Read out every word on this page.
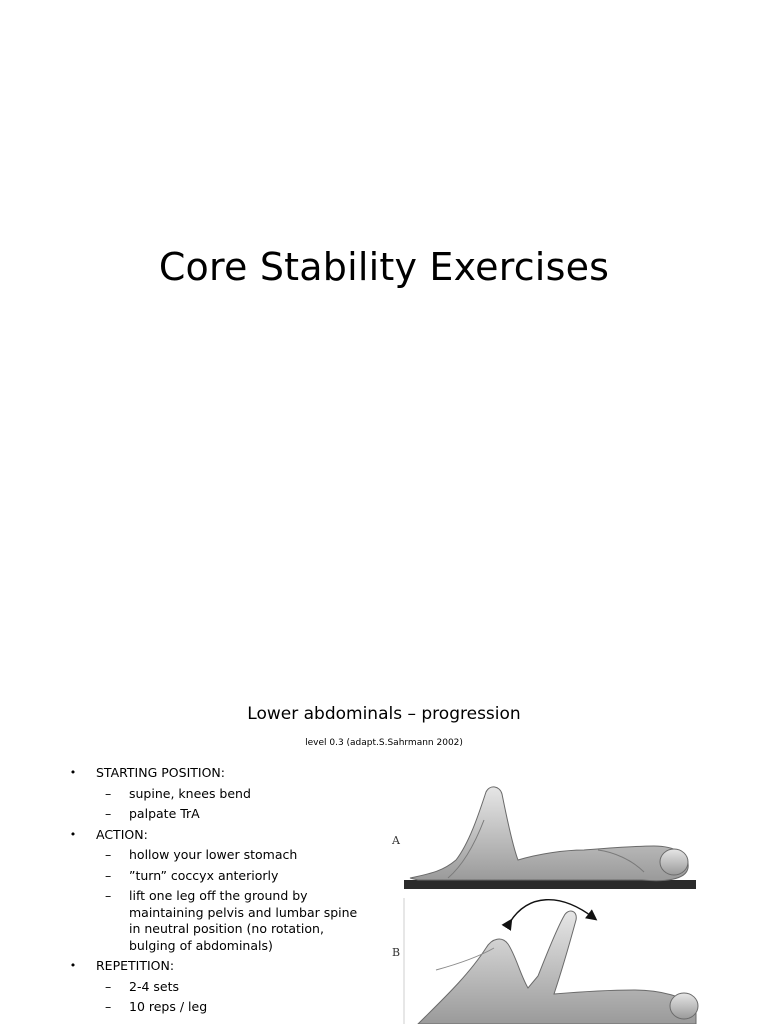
Core Stability Exercises
Lower abdominals – progression

level 0.3 (adapt.S.Sahrmann 2002)

• STARTING POSITION:
– supine, knees bend
– palpate TrA
• ACTION:
– hollow your lower stomach
– ”turn” coccyx anteriorly
– lift one leg off the ground by maintaining pelvis and lumbar spine in neutral position (no rotation, bulging of abdominals)
• REPETITION:
– 2-4 sets
– 10 reps / leg
A
B
